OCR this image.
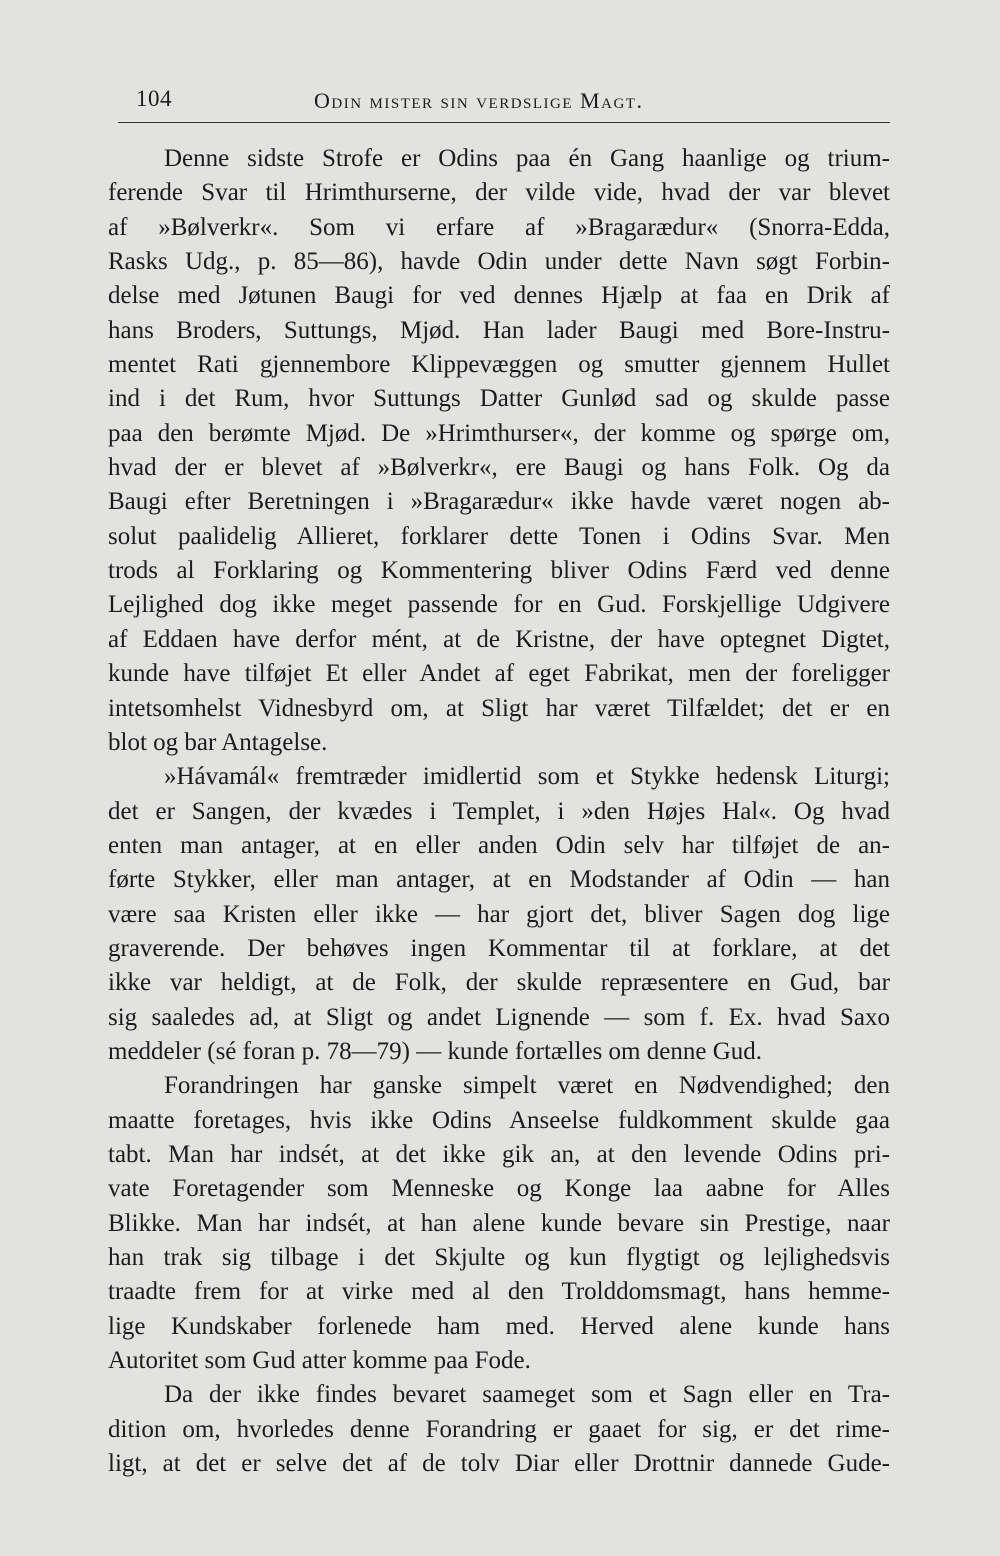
104	Odin mister sin verdslige Magt.
Denne sidste Strofe er Odins paa én Gang haanlige og trium-
ferende Svar til Hrimthurserne, der vilde vide, hvad der var blevet
af »Bølverkr«. Som vi erfare af »Bragarædur« (Snorra-Edda,
Rasks Udg., p. 85—86), havde Odin under dette Navn søgt Forbin-
delse med Jøtunen Baugi for ved dennes Hjælp at faa en Drik af
hans Broders, Suttungs, Mjød. Han lader Baugi med Bore-Instru-
mentet Rati gjennembore Klippevæggen og smutter gjennem Hullet
ind i det Rum, hvor Suttungs Datter Gunlød sad og skulde passe
paa den berømte Mjød. De »Hrimthurser«, der komme og spørge om,
hvad der er blevet af »Bølverkr«, ere Baugi og hans Folk. Og da
Baugi efter Beretningen i »Bragarædur« ikke havde været nogen ab-
solut paalidelig Allieret, forklarer dette Tonen i Odins Svar. Men
trods al Forklaring og Kommentering bliver Odins Færd ved denne
Lejlighed dog ikke meget passende for en Gud. Forskjellige Udgivere
af Eddaen have derfor mént, at de Kristne, der have optegnet Digtet,
kunde have tilføjet Et eller Andet af eget Fabrikat, men der foreligger
intetsomhelst Vidnesbyrd om, at Sligt har været Tilfældet; det er en
blot og bar Antagelse.
»Hávamál« fremtræder imidlertid som et Stykke hedensk Liturgi;
det er Sangen, der kvædes i Templet, i »den Højes Hal«. Og hvad
enten man antager, at en eller anden Odin selv har tilføjet de an-
førte Stykker, eller man antager, at en Modstander af Odin — han
være saa Kristen eller ikke — har gjort det, bliver Sagen dog lige
graverende. Der behøves ingen Kommentar til at forklare, at det
ikke var heldigt, at de Folk, der skulde repræsentere en Gud, bar
sig saaledes ad, at Sligt og andet Lignende — som f. Ex. hvad Saxo
meddeler (sé foran p. 78—79) — kunde fortælles om denne Gud.
Forandringen har ganske simpelt været en Nødvendighed; den
maatte foretages, hvis ikke Odins Anseelse fuldkomment skulde gaa
tabt. Man har indsét, at det ikke gik an, at den levende Odins pri-
vate Foretagender som Menneske og Konge laa aabne for Alles
Blikke. Man har indsét, at han alene kunde bevare sin Prestige, naar
han trak sig tilbage i det Skjulte og kun flygtigt og lejlighedsvis
traadte frem for at virke med al den Trolddomsmagt, hans hemme-
lige Kundskaber forlenede ham med. Herved alene kunde hans
Autoritet som Gud atter komme paa Fode.
Da der ikke findes bevaret saameget som et Sagn eller en Tra-
dition om, hvorledes denne Forandring er gaaet for sig, er det rime-
ligt, at det er selve det af de tolv Diar eller Drottnir dannede Gude-
